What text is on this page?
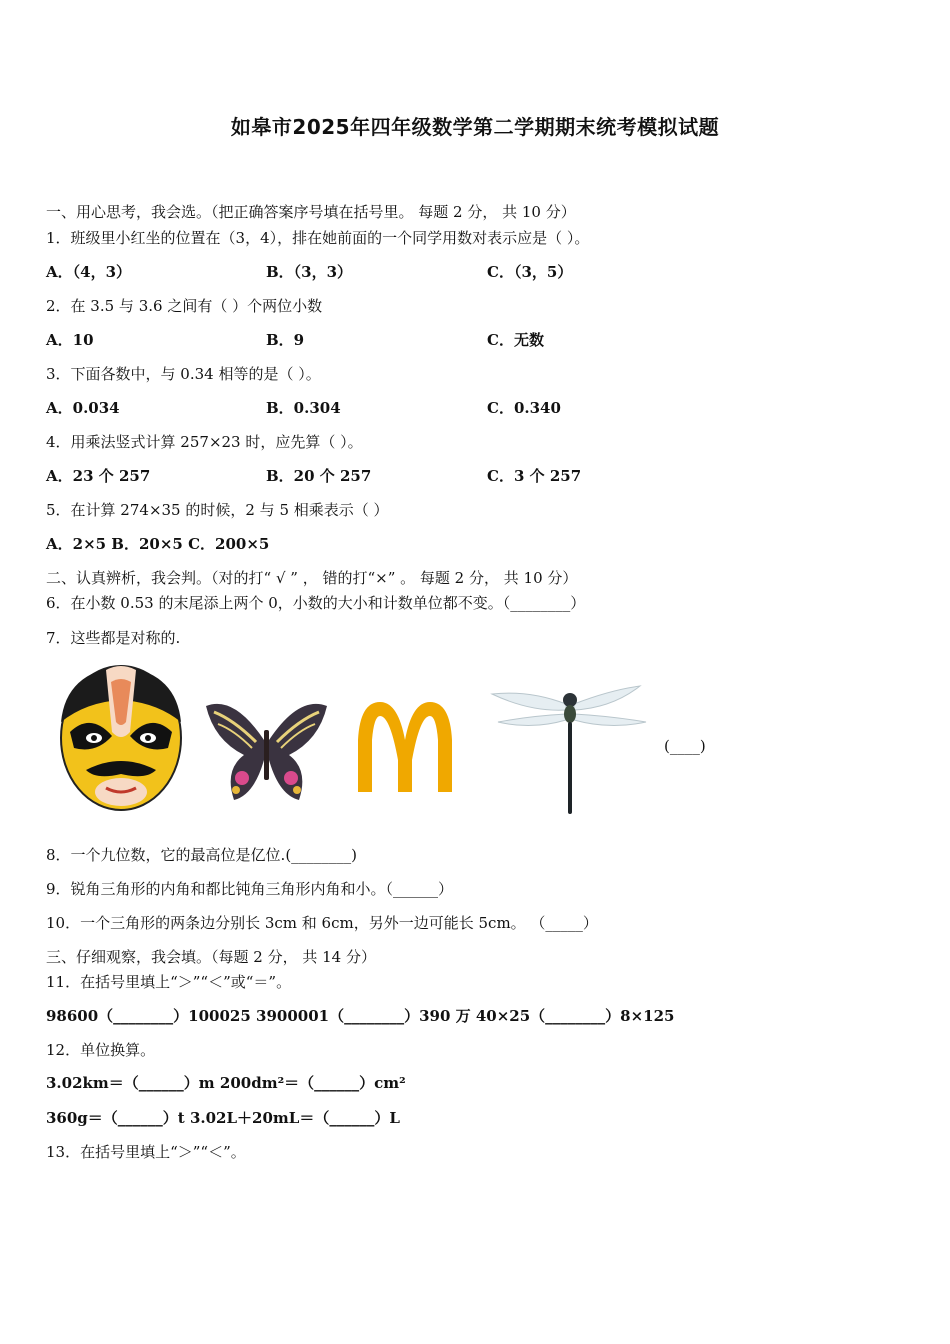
如皋市2025年四年级数学第二学期期末统考模拟试题
一、用心思考，我会选。（把正确答案序号填在括号里。 每题 2 分， 共 10 分）
1．班级里小红坐的位置在（3，4），排在她前面的一个同学用数对表示应是（ ）。
A．（4，3）	B．（3，3）	C．（3，5）
2．在 3.5 与 3.6 之间有（ ）个两位小数
A．10	B．9	C．无数
3．下面各数中，与 0.34 相等的是（ ）。
A．0.034	B．0.304	C．0.340
4．用乘法竖式计算 257×23 时，应先算（ ）。
A．23 个 257	B．20 个 257	C．3 个 257
5．在计算 274×35 的时候，2 与 5 相乘表示（ ）
A．2×5 B．20×5 C．200×5
二、认真辨析，我会判。（对的打“ √ ” ， 错的打“×” 。 每题 2 分， 共 10 分）
6．在小数 0.53 的末尾添上两个 0，小数的大小和计数单位都不变。（________）
7．这些都是对称的.
(____)
8．一个九位数，它的最高位是亿位.(________)
9．锐角三角形的内角和都比钝角三角形内角和小。（______）
10．一个三角形的两条边分别长 3cm 和 6cm，另外一边可能长 5cm。 （_____）
三、仔细观察，我会填。（每题 2 分， 共 14 分）
11．在括号里填上“＞”“＜”或“＝”。
98600（________）100025 3900001（________）390 万 40×25（________）8×125
12．单位换算。
3.02km＝（______）m 200dm²＝（______）cm²
360g＝（______）t 3.02L＋20mL＝（______）L
13．在括号里填上“＞”“＜”。
